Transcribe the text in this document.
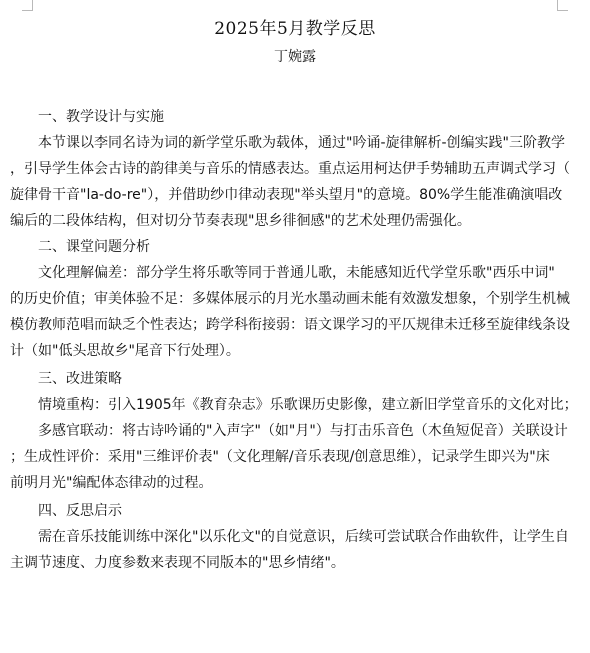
2025年5月教学反思
丁婉露
一、教学设计与实施
本节课以李同名诗为词的新学堂乐歌为载体，通过"吟诵-旋律解析-创编实践"三阶教学
，引导学生体会古诗的韵律美与音乐的情感表达。重点运用柯达伊手势辅助五声调式学习（
旋律骨干音"la-do-re"），并借助纱巾律动表现"举头望月"的意境。80%学生能准确演唱改
编后的二段体结构，但对切分节奏表现"思乡徘徊感"的艺术处理仍需强化。
二、课堂问题分析
文化理解偏差：部分学生将乐歌等同于普通儿歌，未能感知近代学堂乐歌"西乐中词"
的历史价值；审美体验不足：多媒体展示的月光水墨动画未能有效激发想象，个别学生机械
模仿教师范唱而缺乏个性表达；跨学科衔接弱：语文课学习的平仄规律未迁移至旋律线条设
计（如"低头思故乡"尾音下行处理）。
三、改进策略
情境重构：引入1905年《教育杂志》乐歌课历史影像，建立新旧学堂音乐的文化对比；
多感官联动：将古诗吟诵的"入声字"（如"月"）与打击乐音色（木鱼短促音）关联设计
；生成性评价：采用"三维评价表"（文化理解/音乐表现/创意思维），记录学生即兴为"床
前明月光"编配体态律动的过程。
四、反思启示
需在音乐技能训练中深化"以乐化文"的自觉意识，后续可尝试联合作曲软件，让学生自
主调节速度、力度参数来表现不同版本的"思乡情绪"。
